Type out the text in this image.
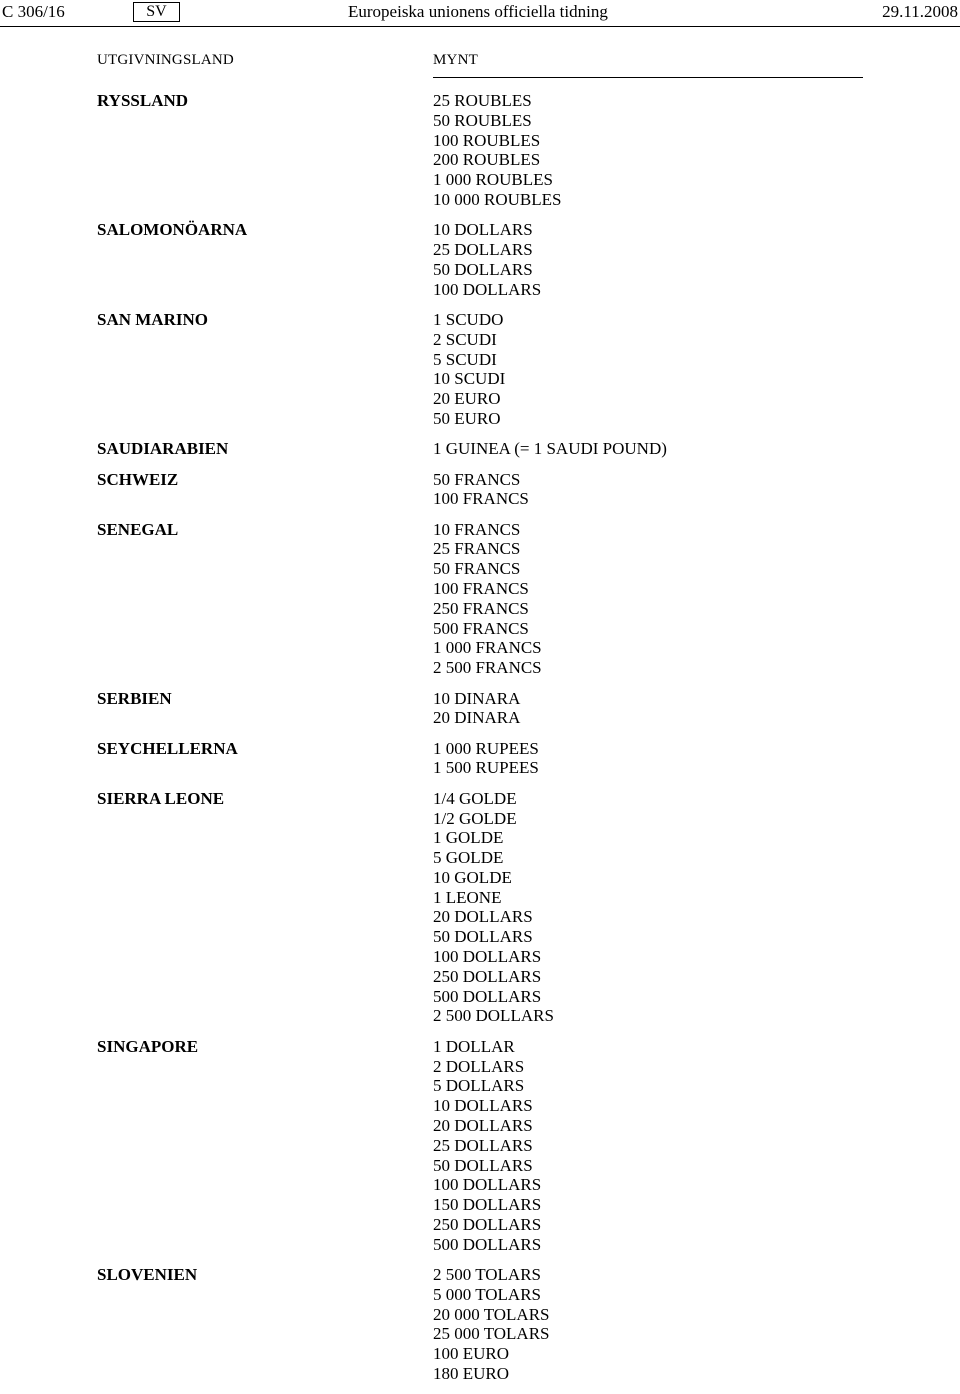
C 306/16	SV	Europeiska unionens officiella tidning	29.11.2008
UTGIVNINGSLAND	MYNT
RYSSLAND	25 ROUBLES
50 ROUBLES
100 ROUBLES
200 ROUBLES
1 000 ROUBLES
10 000 ROUBLES
SALOMONÖARNA	10 DOLLARS
25 DOLLARS
50 DOLLARS
100 DOLLARS
SAN MARINO	1 SCUDO
2 SCUDI
5 SCUDI
10 SCUDI
20 EURO
50 EURO
SAUDIARABIEN	1 GUINEA (= 1 SAUDI POUND)
SCHWEIZ	50 FRANCS
100 FRANCS
SENEGAL	10 FRANCS
25 FRANCS
50 FRANCS
100 FRANCS
250 FRANCS
500 FRANCS
1 000 FRANCS
2 500 FRANCS
SERBIEN	10 DINARA
20 DINARA
SEYCHELLERNA	1 000 RUPEES
1 500 RUPEES
SIERRA LEONE	1/4 GOLDE
1/2 GOLDE
1 GOLDE
5 GOLDE
10 GOLDE
1 LEONE
20 DOLLARS
50 DOLLARS
100 DOLLARS
250 DOLLARS
500 DOLLARS
2 500 DOLLARS
SINGAPORE	1 DOLLAR
2 DOLLARS
5 DOLLARS
10 DOLLARS
20 DOLLARS
25 DOLLARS
50 DOLLARS
100 DOLLARS
150 DOLLARS
250 DOLLARS
500 DOLLARS
SLOVENIEN	2 500 TOLARS
5 000 TOLARS
20 000 TOLARS
25 000 TOLARS
100 EURO
180 EURO
